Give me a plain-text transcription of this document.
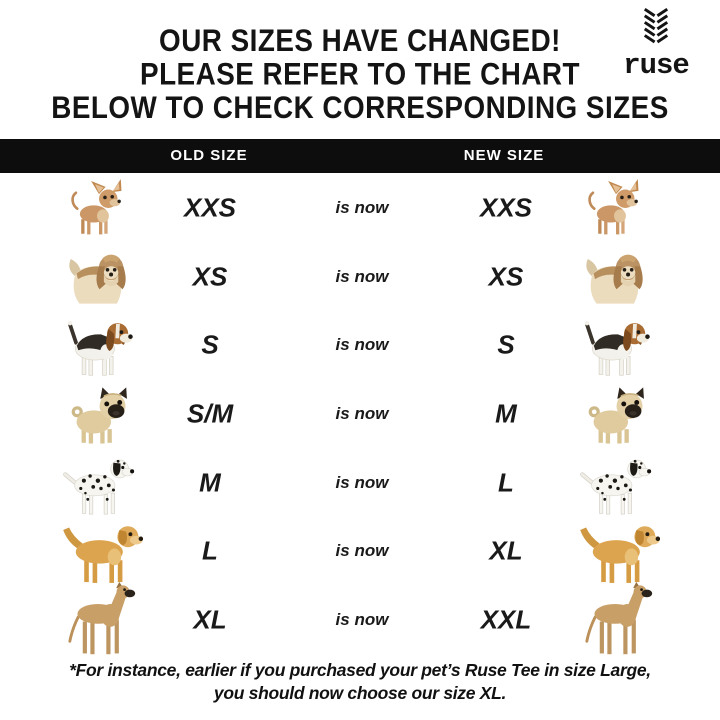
OUR SIZES HAVE CHANGED!
PLEASE REFER TO THE CHART
BELOW TO CHECK CORRESPONDING SIZES
ruse
OLD SIZE	NEW SIZE
XXS	is now	XXS
XS	is now	XS
S	is now	S
S/M	is now	M
M	is now	L
L	is now	XL
XL	is now	XXL
*For instance, earlier if you purchased your pet’s Ruse Tee in size Large,
you should now choose our size XL.
